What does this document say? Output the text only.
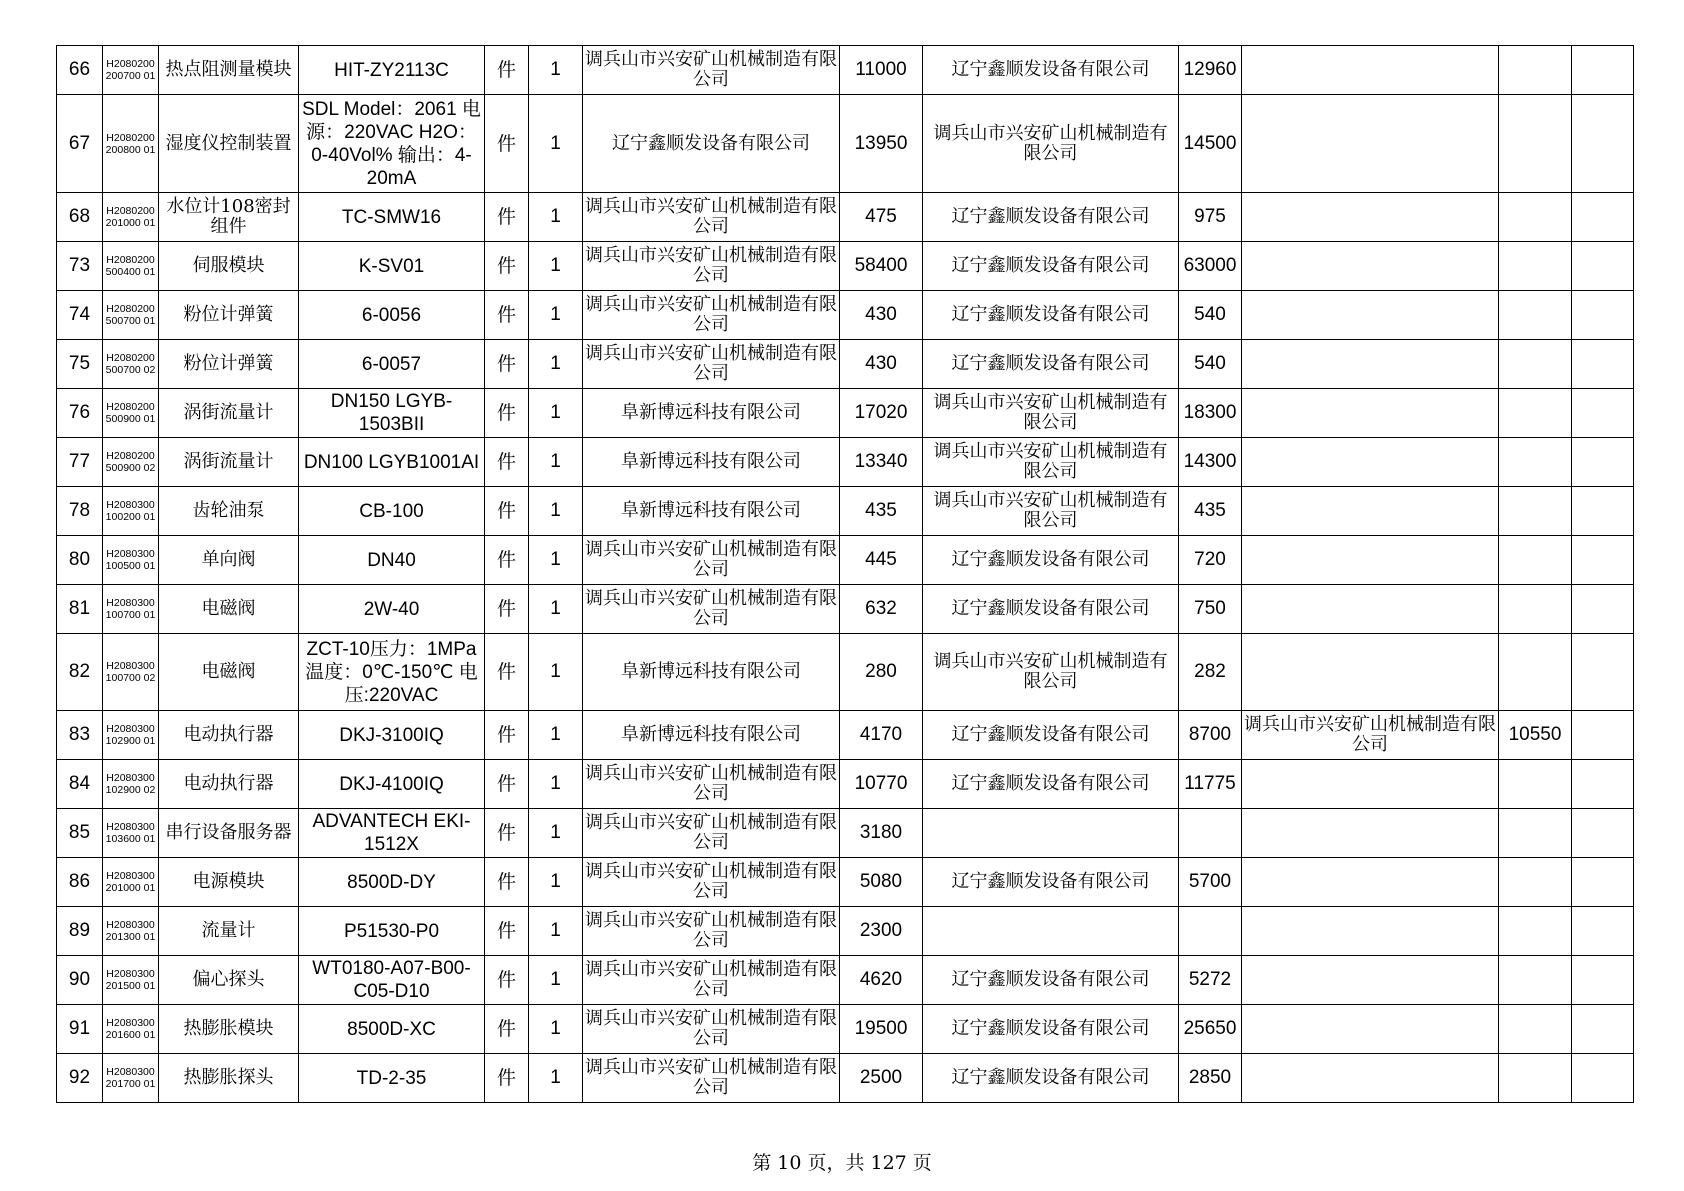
66	H2080200200700 01	热点阻测量模块	HIT-ZY2113C	件	1	调兵山市兴安矿山机械制造有限公司	11000	辽宁鑫顺发设备有限公司	12960			
67	H2080200200800 01	湿度仪控制装置	SDL Model：2061 电源：220VAC H2O：0-40Vol% 输出：4-20mA	件	1	辽宁鑫顺发设备有限公司	13950	调兵山市兴安矿山机械制造有限公司	14500			
68	H2080200201000 01	水位计108密封组件	TC-SMW16	件	1	调兵山市兴安矿山机械制造有限公司	475	辽宁鑫顺发设备有限公司	975			
73	H2080200500400 01	伺服模块	K-SV01	件	1	调兵山市兴安矿山机械制造有限公司	58400	辽宁鑫顺发设备有限公司	63000			
74	H2080200500700 01	粉位计弹簧	6-0056	件	1	调兵山市兴安矿山机械制造有限公司	430	辽宁鑫顺发设备有限公司	540			
75	H2080200500700 02	粉位计弹簧	6-0057	件	1	调兵山市兴安矿山机械制造有限公司	430	辽宁鑫顺发设备有限公司	540			
76	H2080200500900 01	涡街流量计	DN150 LGYB-1503BII	件	1	阜新博远科技有限公司	17020	调兵山市兴安矿山机械制造有限公司	18300			
77	H2080200500900 02	涡街流量计	DN100 LGYB1001AI	件	1	阜新博远科技有限公司	13340	调兵山市兴安矿山机械制造有限公司	14300			
78	H2080300100200 01	齿轮油泵	CB-100	件	1	阜新博远科技有限公司	435	调兵山市兴安矿山机械制造有限公司	435			
80	H2080300100500 01	单向阀	DN40	件	1	调兵山市兴安矿山机械制造有限公司	445	辽宁鑫顺发设备有限公司	720			
81	H2080300100700 01	电磁阀	2W-40	件	1	调兵山市兴安矿山机械制造有限公司	632	辽宁鑫顺发设备有限公司	750			
82	H2080300100700 02	电磁阀	ZCT-10压力：1MPa 温度：0℃-150℃ 电压:220VAC	件	1	阜新博远科技有限公司	280	调兵山市兴安矿山机械制造有限公司	282			
83	H2080300102900 01	电动执行器	DKJ-3100IQ	件	1	阜新博远科技有限公司	4170	辽宁鑫顺发设备有限公司	8700	调兵山市兴安矿山机械制造有限公司	10550	
84	H2080300102900 02	电动执行器	DKJ-4100IQ	件	1	调兵山市兴安矿山机械制造有限公司	10770	辽宁鑫顺发设备有限公司	11775			
85	H2080300103600 01	串行设备服务器	ADVANTECH EKI-1512X	件	1	调兵山市兴安矿山机械制造有限公司	3180					
86	H2080300201000 01	电源模块	8500D-DY	件	1	调兵山市兴安矿山机械制造有限公司	5080	辽宁鑫顺发设备有限公司	5700			
89	H2080300201300 01	流量计	P51530-P0	件	1	调兵山市兴安矿山机械制造有限公司	2300					
90	H2080300201500 01	偏心探头	WT0180-A07-B00-C05-D10	件	1	调兵山市兴安矿山机械制造有限公司	4620	辽宁鑫顺发设备有限公司	5272			
91	H2080300201600 01	热膨胀模块	8500D-XC	件	1	调兵山市兴安矿山机械制造有限公司	19500	辽宁鑫顺发设备有限公司	25650			
92	H2080300201700 01	热膨胀探头	TD-2-35	件	1	调兵山市兴安矿山机械制造有限公司	2500	辽宁鑫顺发设备有限公司	2850			
第 10 页，共 127 页
